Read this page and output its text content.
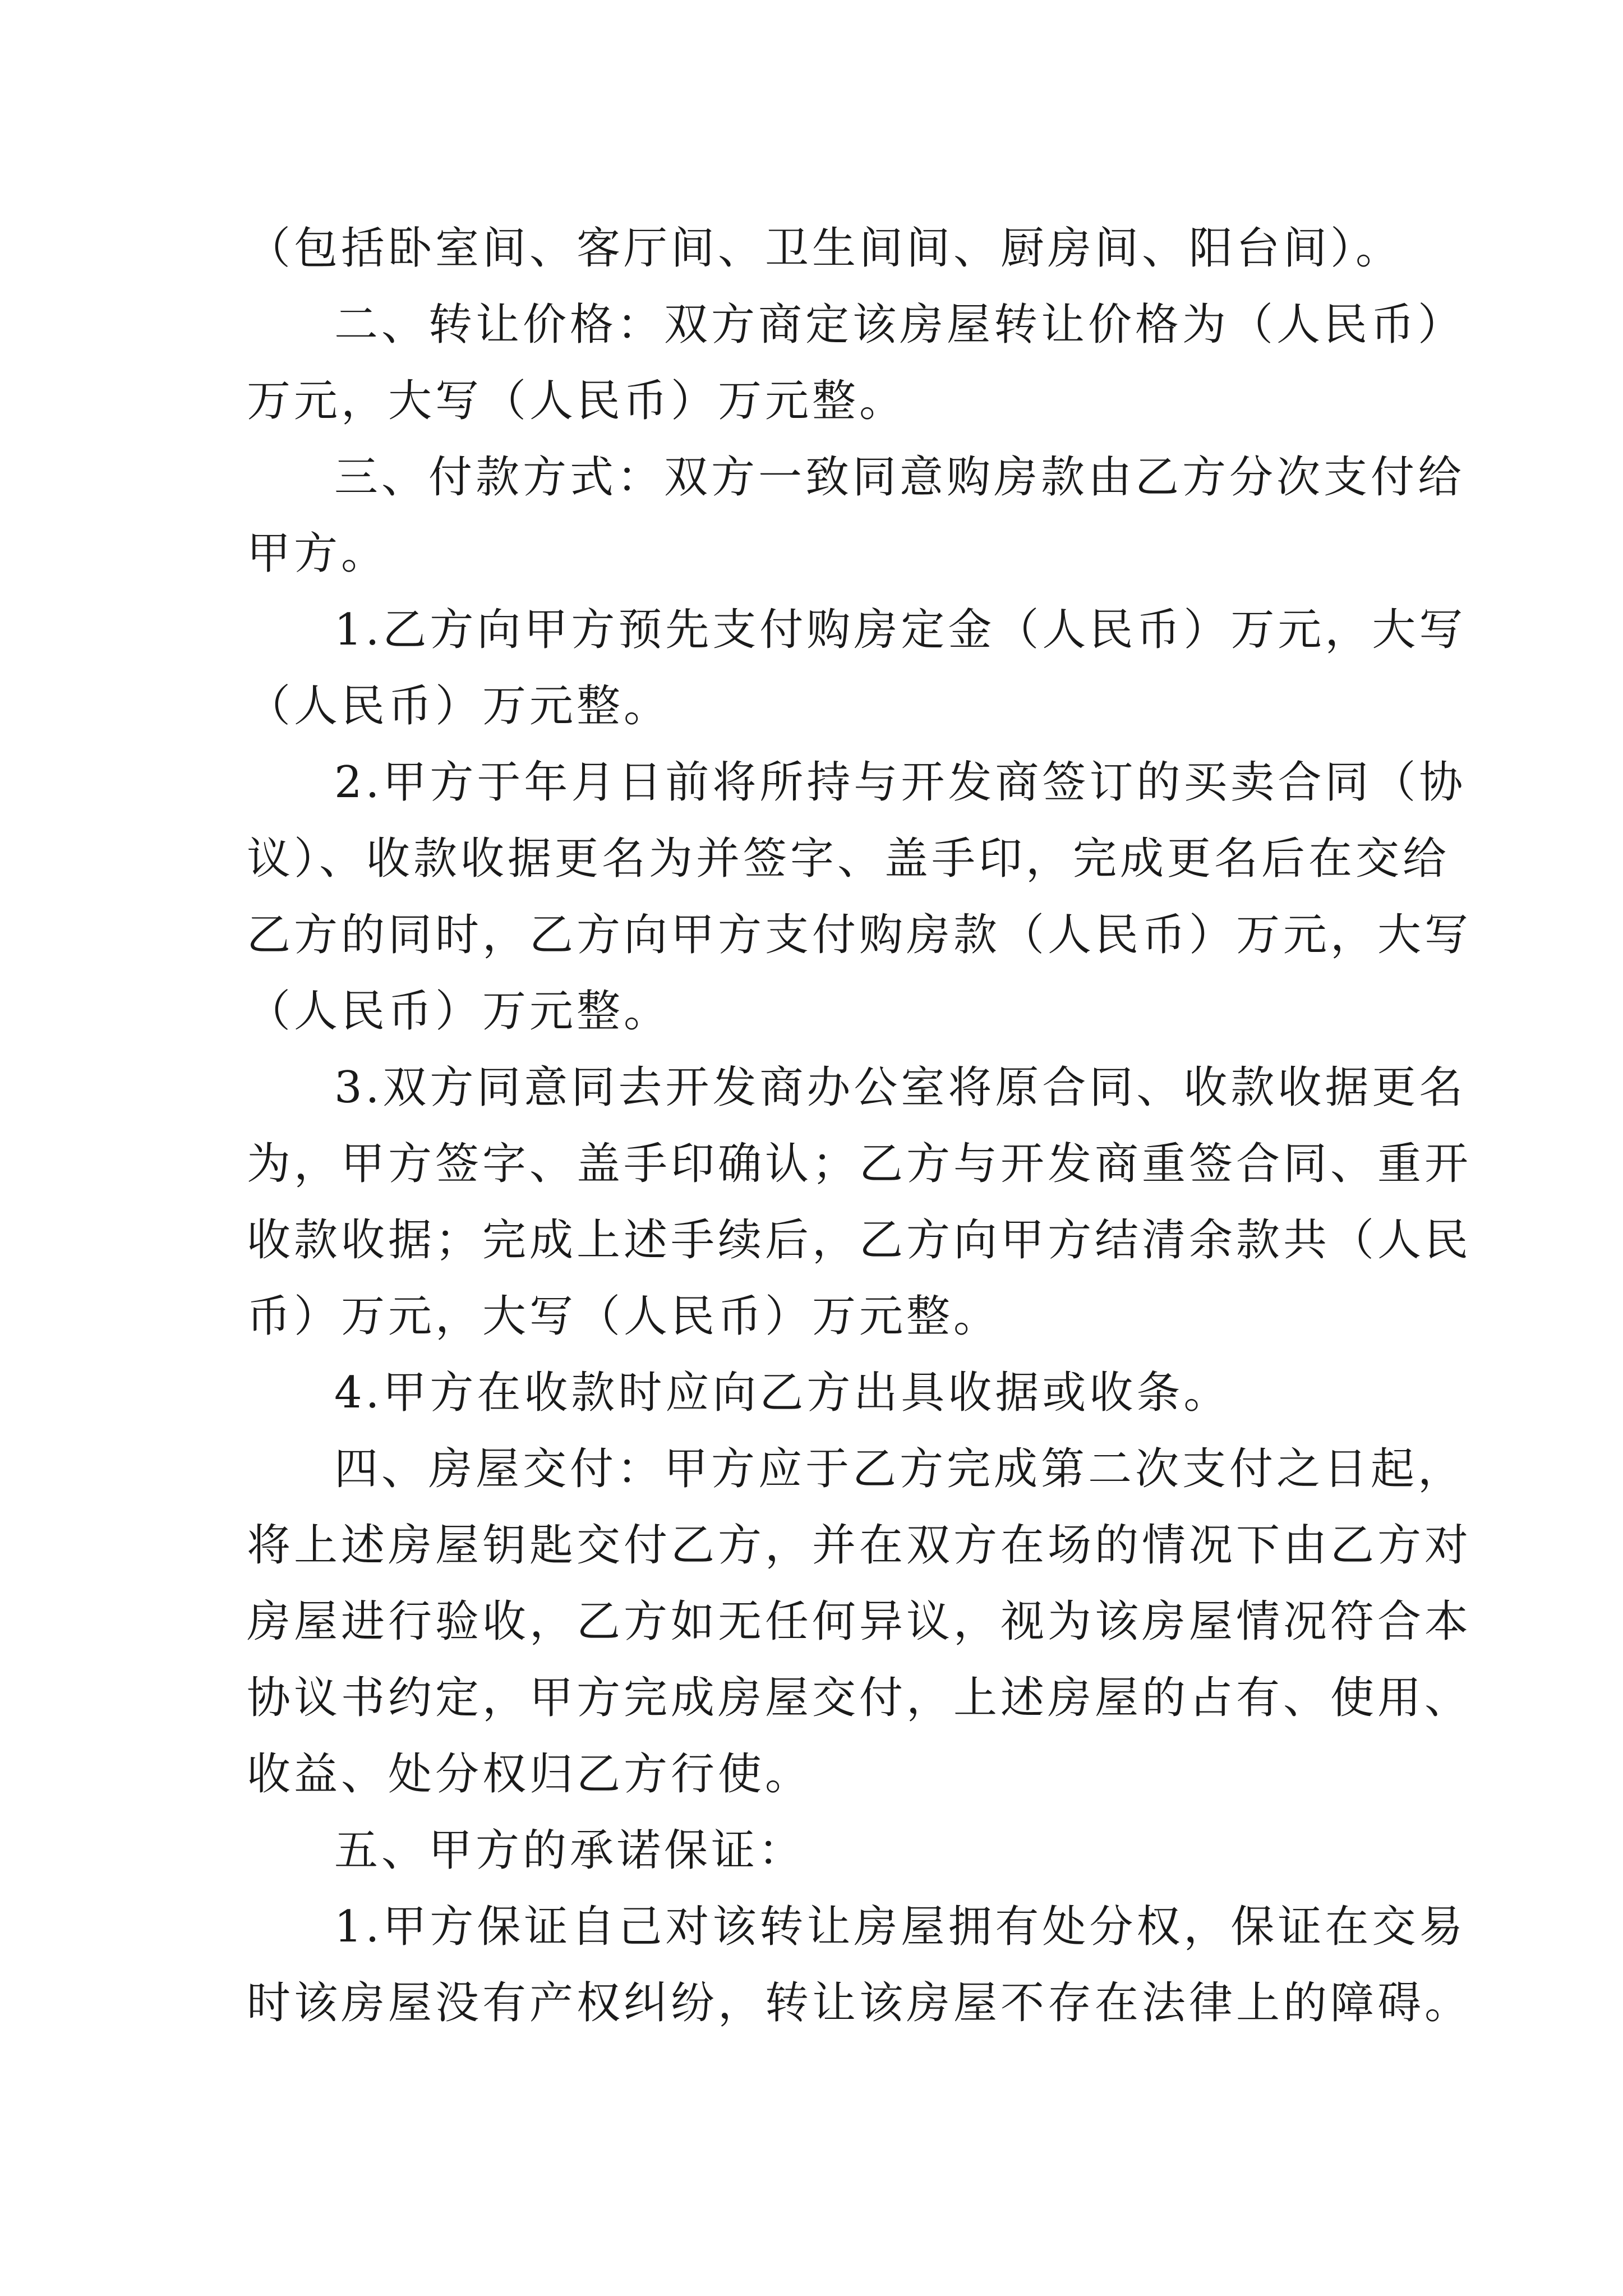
（包括卧室间、客厅间、卫生间间、厨房间、阳台间）。

二、转让价格：双方商定该房屋转让价格为（人民币）
万元，大写（人民币）万元整。

三、付款方式：双方一致同意购房款由乙方分次支付给
甲方。

1.乙方向甲方预先支付购房定金（人民币）万元，大写
（人民币）万元整。

2.甲方于年月日前将所持与开发商签订的买卖合同（协
议）、收款收据更名为并签字、盖手印，完成更名后在交给
乙方的同时，乙方向甲方支付购房款（人民币）万元，大写
（人民币）万元整。

3.双方同意同去开发商办公室将原合同、收款收据更名
为，甲方签字、盖手印确认；乙方与开发商重签合同、重开
收款收据；完成上述手续后，乙方向甲方结清余款共（人民
币）万元，大写（人民币）万元整。

4.甲方在收款时应向乙方出具收据或收条。

四、房屋交付：甲方应于乙方完成第二次支付之日起，
将上述房屋钥匙交付乙方，并在双方在场的情况下由乙方对
房屋进行验收，乙方如无任何异议，视为该房屋情况符合本
协议书约定，甲方完成房屋交付，上述房屋的占有、使用、
收益、处分权归乙方行使。

五、甲方的承诺保证：

1.甲方保证自己对该转让房屋拥有处分权，保证在交易
时该房屋没有产权纠纷，转让该房屋不存在法律上的障碍。
